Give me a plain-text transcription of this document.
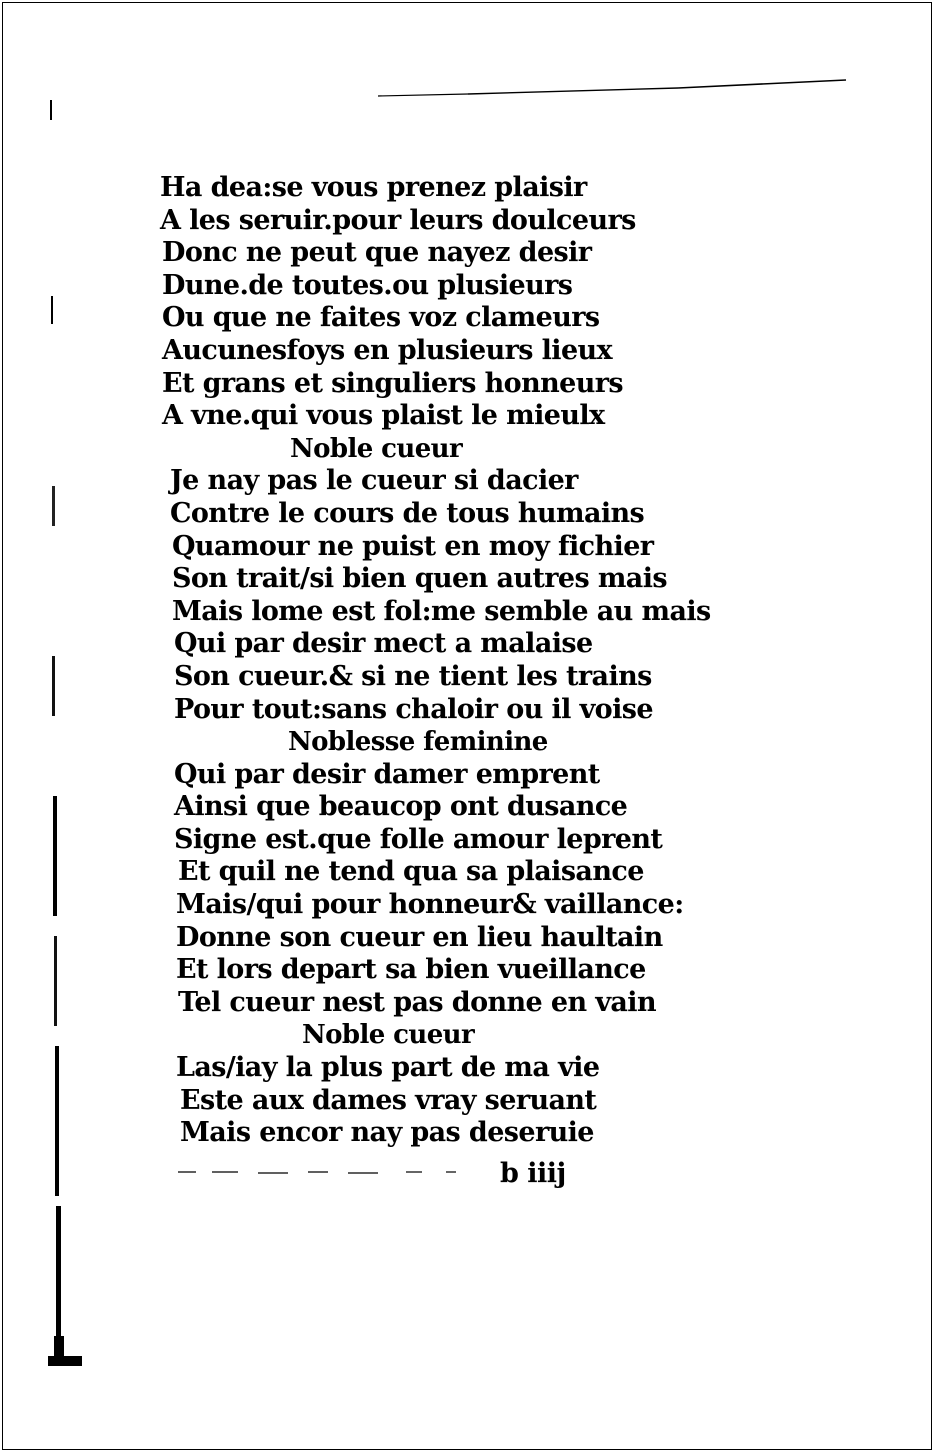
Ha dea:se vous prenez plaisir
A les seruir.pour leurs doulceurs
Donc ne peut que nayez desir
Dune.de toutes.ou plusieurs
Ou que ne faites voz clameurs
Aucunesfoys en plusieurs lieux
Et grans et singuliers honneurs
A vne.qui vous plaist le mieulx
Noble cueur
Je nay pas le cueur si dacier
Contre le cours de tous humains
Quamour ne puist en moy fichier
Son trait/si bien quen autres mais
Mais lome est fol:me semble au mais
Qui par desir mect a malaise
Son cueur.& si ne tient les trains
Pour tout:sans chaloir ou il voise
Noblesse feminine
Qui par desir damer emprent
Ainsi que beaucop ont dusance
Signe est.que folle amour leprent
Et quil ne tend qua sa plaisance
Mais/qui pour honneur& vaillance:
Donne son cueur en lieu haultain
Et lors depart sa bien vueillance
Tel cueur nest pas donne en vain
Noble cueur
Las/iay la plus part de ma vie
Este aux dames vray seruant
Mais encor nay pas deseruie
b iiij
